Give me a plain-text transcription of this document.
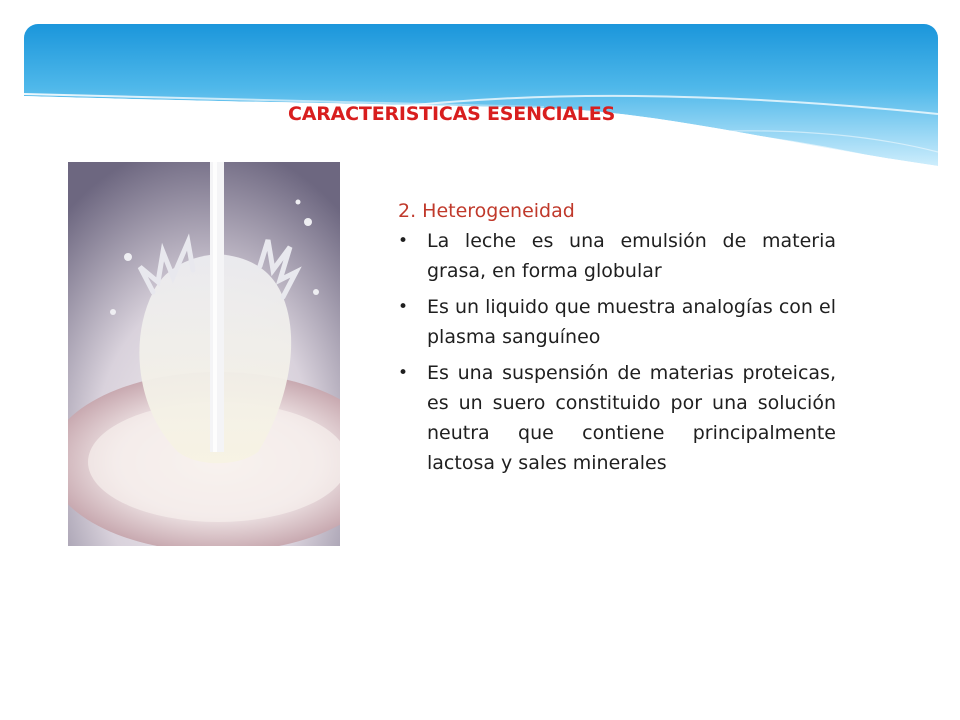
CARACTERISTICAS ESENCIALES

2. Heterogeneidad

• La leche es una emulsión de materia grasa, en forma globular
• Es un liquido que muestra analogías con el plasma sanguíneo
• Es una suspensión de materias proteicas, es un suero constituido por una solución neutra que contiene principalmente lactosa y sales minerales
